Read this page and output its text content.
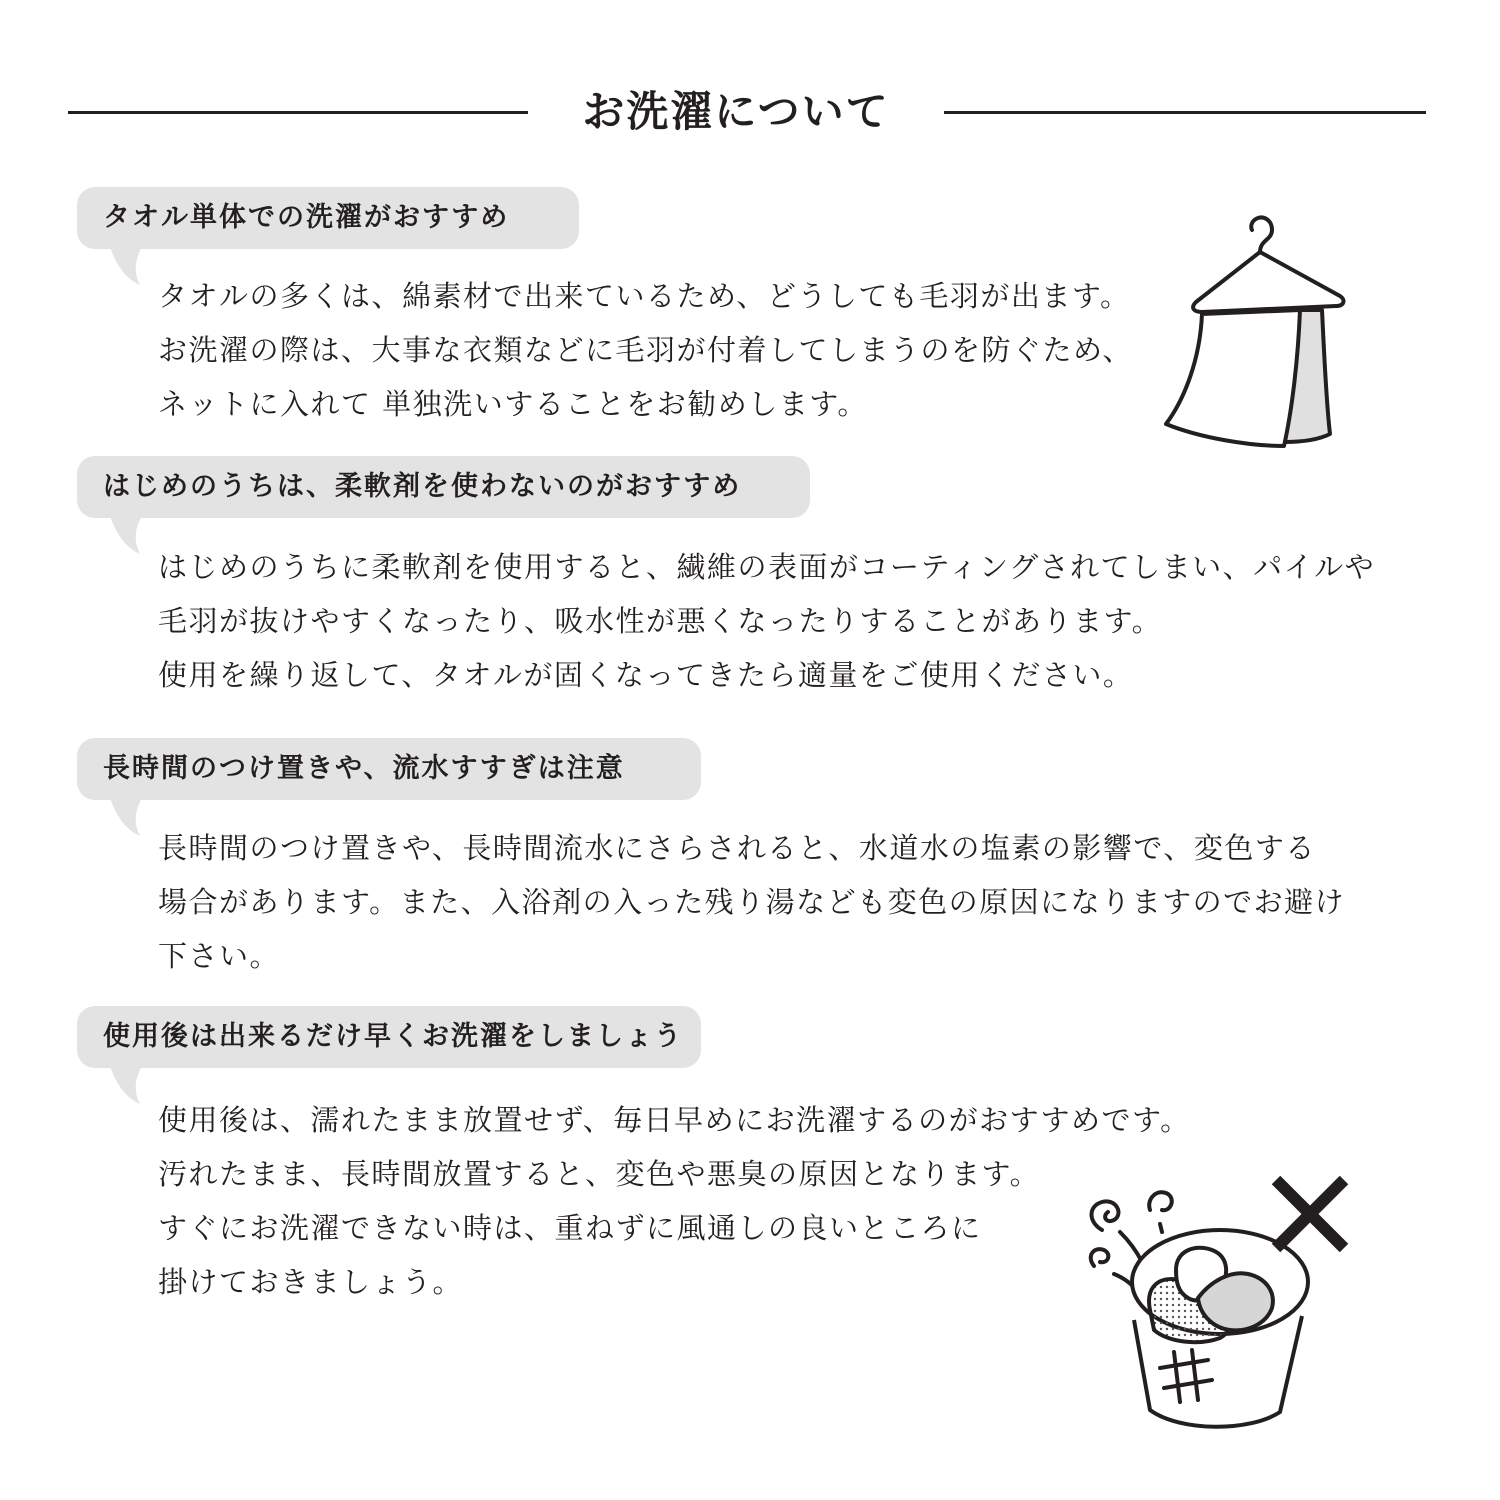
お洗濯について
タオル単体での洗濯がおすすめ

タオルの多くは、綿素材で出来ているため、どうしても毛羽が出ます。

お洗濯の際は、大事な衣類などに毛羽が付着してしまうのを防ぐため、

ネットに入れて 単独洗いすることをお勧めします。

はじめのうちは、柔軟剤を使わないのがおすすめ

はじめのうちに柔軟剤を使用すると、繊維の表面がコーティングされてしまい、パイルや

毛羽が抜けやすくなったり、吸水性が悪くなったりすることがあります。

使用を繰り返して、タオルが固くなってきたら適量をご使用ください。

長時間のつけ置きや、流水すすぎは注意

長時間のつけ置きや、長時間流水にさらされると、水道水の塩素の影響で、変色する

場合があります。また、入浴剤の入った残り湯なども変色の原因になりますのでお避け

下さい。

使用後は出来るだけ早くお洗濯をしましょう

使用後は、濡れたまま放置せず、毎日早めにお洗濯するのがおすすめです。

汚れたまま、長時間放置すると、変色や悪臭の原因となります。

すぐにお洗濯できない時は、重ねずに風通しの良いところに

掛けておきましょう。
